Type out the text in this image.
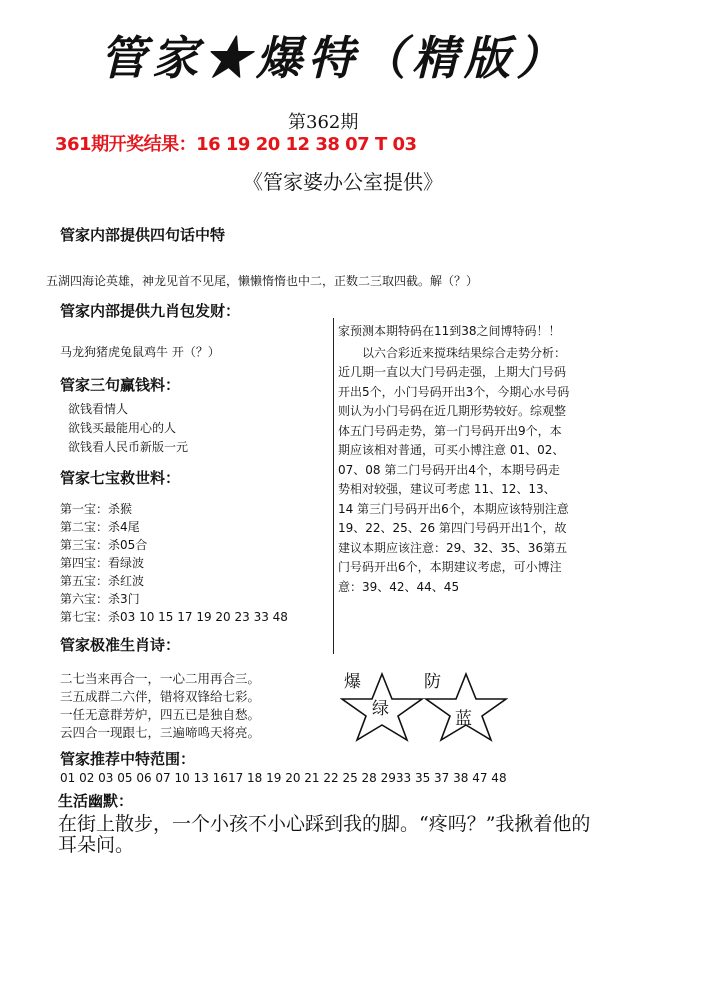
管家★爆特（精版）
第362期
361期开奖结果：16 19 20 12 38 07 T 03
《管家婆办公室提供》
管家内部提供四句话中特
五湖四海论英雄，神龙见首不见尾，懒懒惰惰也中二，正数二三取四截。解（？）
管家内部提供九肖包发财：
马龙狗猪虎兔鼠鸡牛 开（？）
管家三句赢钱料：
欲钱看情人
欲钱买最能用心的人
欲钱看人民币新版一元
管家七宝救世料：
第一宝：杀猴
第二宝：杀4尾
第三宝：杀05合
第四宝：看绿波
第五宝：杀红波
第六宝：杀3门
第七宝：杀03 10 15 17 19 20 23 33 48
管家极准生肖诗：
二七当来再合一，一心二用再合三。
三五成群二六伴，错将双锋给七彩。
一任无意群芳炉，四五已是独自愁。
云四合一现跟七，三遍啼鸣天将亮。
管家推荐中特范围：
01 02 03 05 06 07 10 13 1617 18 19 20 21 22 25 28 2933 35 37 38 47 48
生活幽默：
在街上散步，一个小孩不小心踩到我的脚。“疼吗？”我揪着他的耳朵问。
家预测本期特码在11到38之间博特码！！
以六合彩近来搅珠结果综合走势分析：近几期一直以大门号码走强，上期大门号码开出5个，小门号码开出3个，今期心水号码则认为小门号码在近几期形势较好。综观整体五门号码走势，第一门号码开出9个，本期应该相对普通，可买小博注意 01、02、07、08 第二门号码开出4个，本期号码走势相对较强，建议可考虑 11、12、13、14 第三门号码开出6个，本期应该特别注意19、22、25、26 第四门号码开出1个，故建议本期应该注意：29、32、35、36第五门号码开出6个，本期建议考虑，可小博注意：39、42、44、45
爆
绿
防
蓝
